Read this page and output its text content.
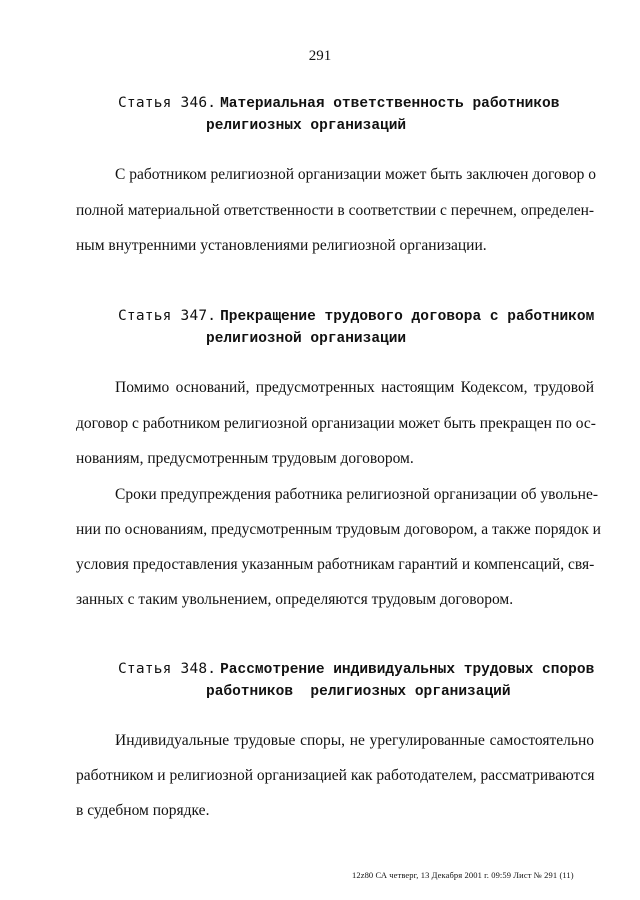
291
Статья 346. Материальная ответственность работников
религиозных организаций
С работником религиозной организации может быть заключен договор о
полной материальной ответственности в соответствии с перечнем, определен-
ным внутренними установлениями религиозной организации.
Статья 347. Прекращение трудового договора с работником
религиозной организации
Помимо оснований, предусмотренных настоящим Кодексом, трудовой
договор с работником религиозной организации может быть прекращен по ос-
нованиям, предусмотренным трудовым договором.
Сроки предупреждения работника религиозной организации об увольне-
нии по основаниям, предусмотренным трудовым договором, а также порядок и
условия предоставления указанным работникам гарантий и компенсаций, свя-
занных с таким увольнением, определяются трудовым договором.
Статья 348. Рассмотрение индивидуальных трудовых споров
работников  религиозных организаций
Индивидуальные трудовые споры, не урегулированные самостоятельно
работником и религиозной организацией как работодателем, рассматриваются
в судебном порядке.
12z80 СА четверг, 13 Декабря 2001 г. 09:59 Лист № 291 (11)
